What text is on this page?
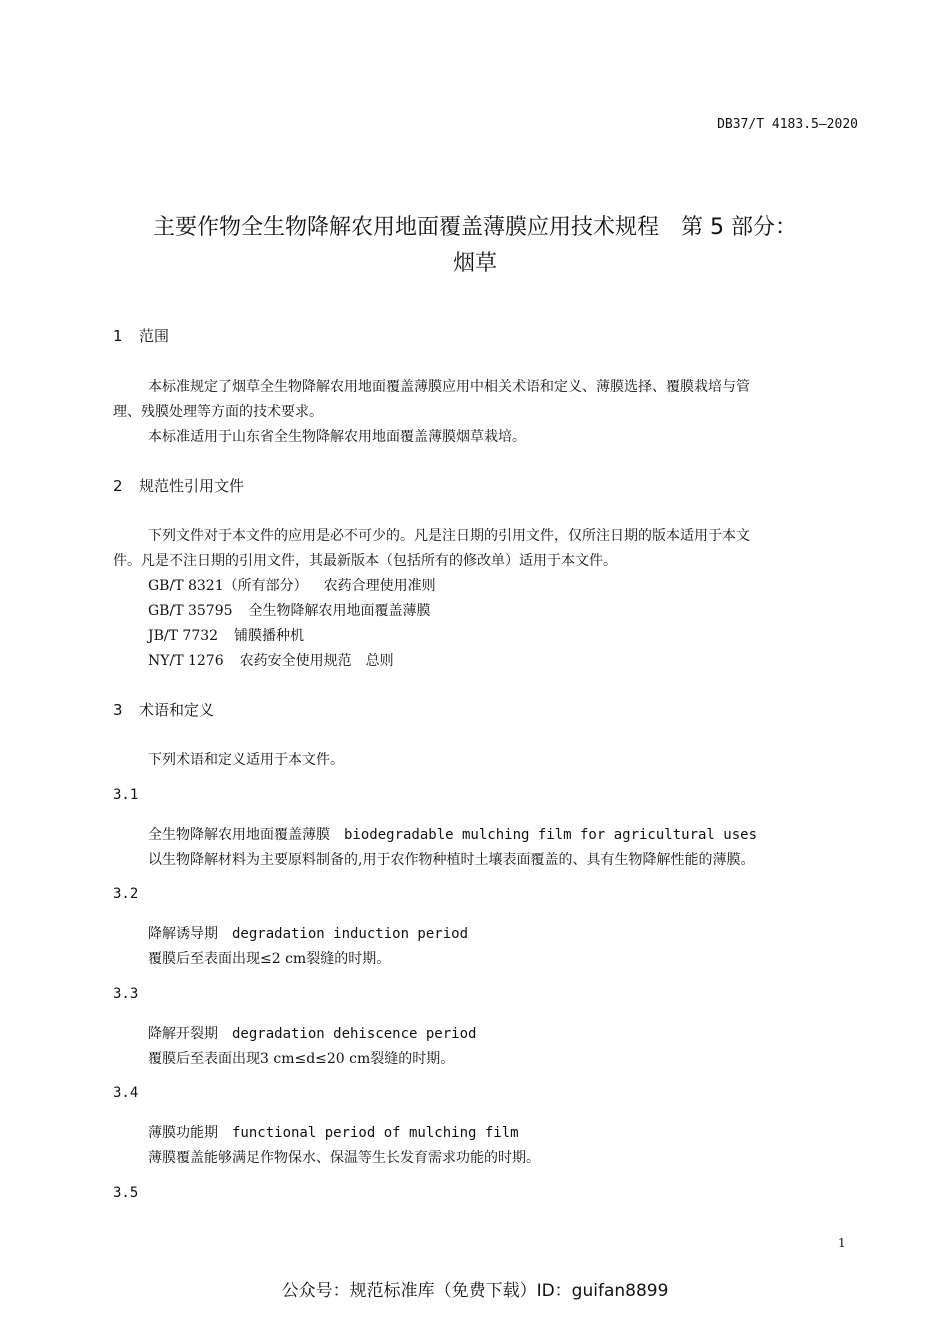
DB37/T 4183.5—2020
主要作物全生物降解农用地面覆盖薄膜应用技术规程　第 5 部分：
烟草
1 范围
本标准规定了烟草全生物降解农用地面覆盖薄膜应用中相关术语和定义、薄膜选择、覆膜栽培与管
理、残膜处理等方面的技术要求。
本标准适用于山东省全生物降解农用地面覆盖薄膜烟草栽培。
2 规范性引用文件
下列文件对于本文件的应用是必不可少的。凡是注日期的引用文件，仅所注日期的版本适用于本文
件。凡是不注日期的引用文件，其最新版本（包括所有的修改单）适用于本文件。
GB/T 8321（所有部分） 农药合理使用准则
GB/T 35795 全生物降解农用地面覆盖薄膜
JB/T 7732 铺膜播种机
NY/T 1276 农药安全使用规范　总则
3 术语和定义
下列术语和定义适用于本文件。
3.1
全生物降解农用地面覆盖薄膜 biodegradable mulching film for agricultural uses
以生物降解材料为主要原料制备的,用于农作物种植时土壤表面覆盖的、具有生物降解性能的薄膜。
3.2
降解诱导期 degradation induction period
覆膜后至表面出现≤2 cm裂缝的时期。
3.3
降解开裂期 degradation dehiscence period
覆膜后至表面出现3 cm≤d≤20 cm裂缝的时期。
3.4
薄膜功能期 functional period of mulching film
薄膜覆盖能够满足作物保水、保温等生长发育需求功能的时期。
3.5
1
公众号：规范标准库（免费下载）ID：guifan8899
